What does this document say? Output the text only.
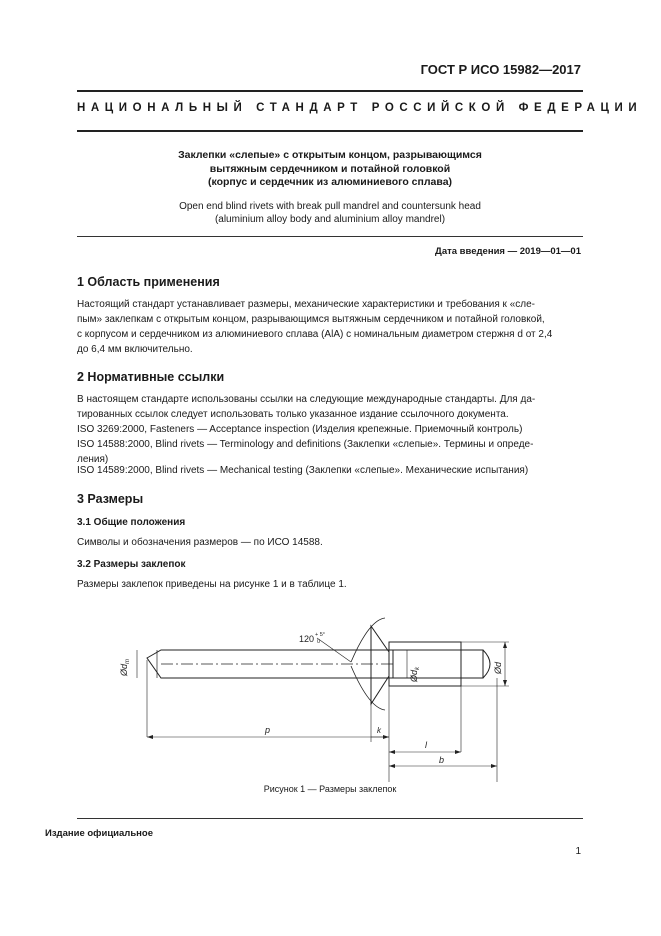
ГОСТ Р ИСО 15982—2017
НАЦИОНАЛЬНЫЙ СТАНДАРТ РОССИЙСКОЙ ФЕДЕРАЦИИ
Заклепки «слепые» с открытым концом, разрывающимся
вытяжным сердечником и потайной головкой
(корпус и сердечник из алюминиевого сплава)
Open end blind rivets with break pull mandrel and countersunk head
(aluminium alloy body and aluminium alloy mandrel)
Дата введения — 2019—01—01
1 Область применения
Настоящий стандарт устанавливает размеры, механические характеристики и требования к «сле-
пым» заклепкам с открытым концом, разрывающимся вытяжным сердечником и потайной головкой,
с корпусом и сердечником из алюминиевого сплава (AlA) с номинальным диаметром стержня d от 2,4
до 6,4 мм включительно.
2 Нормативные ссылки
В настоящем стандарте использованы ссылки на следующие международные стандарты. Для да-
тированных ссылок следует использовать только указанное издание ссылочного документа.
ISO 3269:2000, Fasteners — Acceptance inspection (Изделия крепежные. Приемочный контроль)
ISO 14588:2000, Blind rivets — Terminology and definitions (Заклепки «слепые». Термины и опреде-
ления)
ISO 14589:2000, Blind rivets — Mechanical testing (Заклепки «слепые». Механические испытания)
3 Размеры
3.1 Общие положения
Символы и обозначения размеров — по ИСО 14588.
3.2 Размеры заклепок
Размеры заклепок приведены на рисунке 1 и в таблице 1.
120 + 5°
0
$Ød_m$
$Ød_k$	Ød
p	k
l
b
Рисунок 1 — Размеры заклепок
Издание официальное
1
